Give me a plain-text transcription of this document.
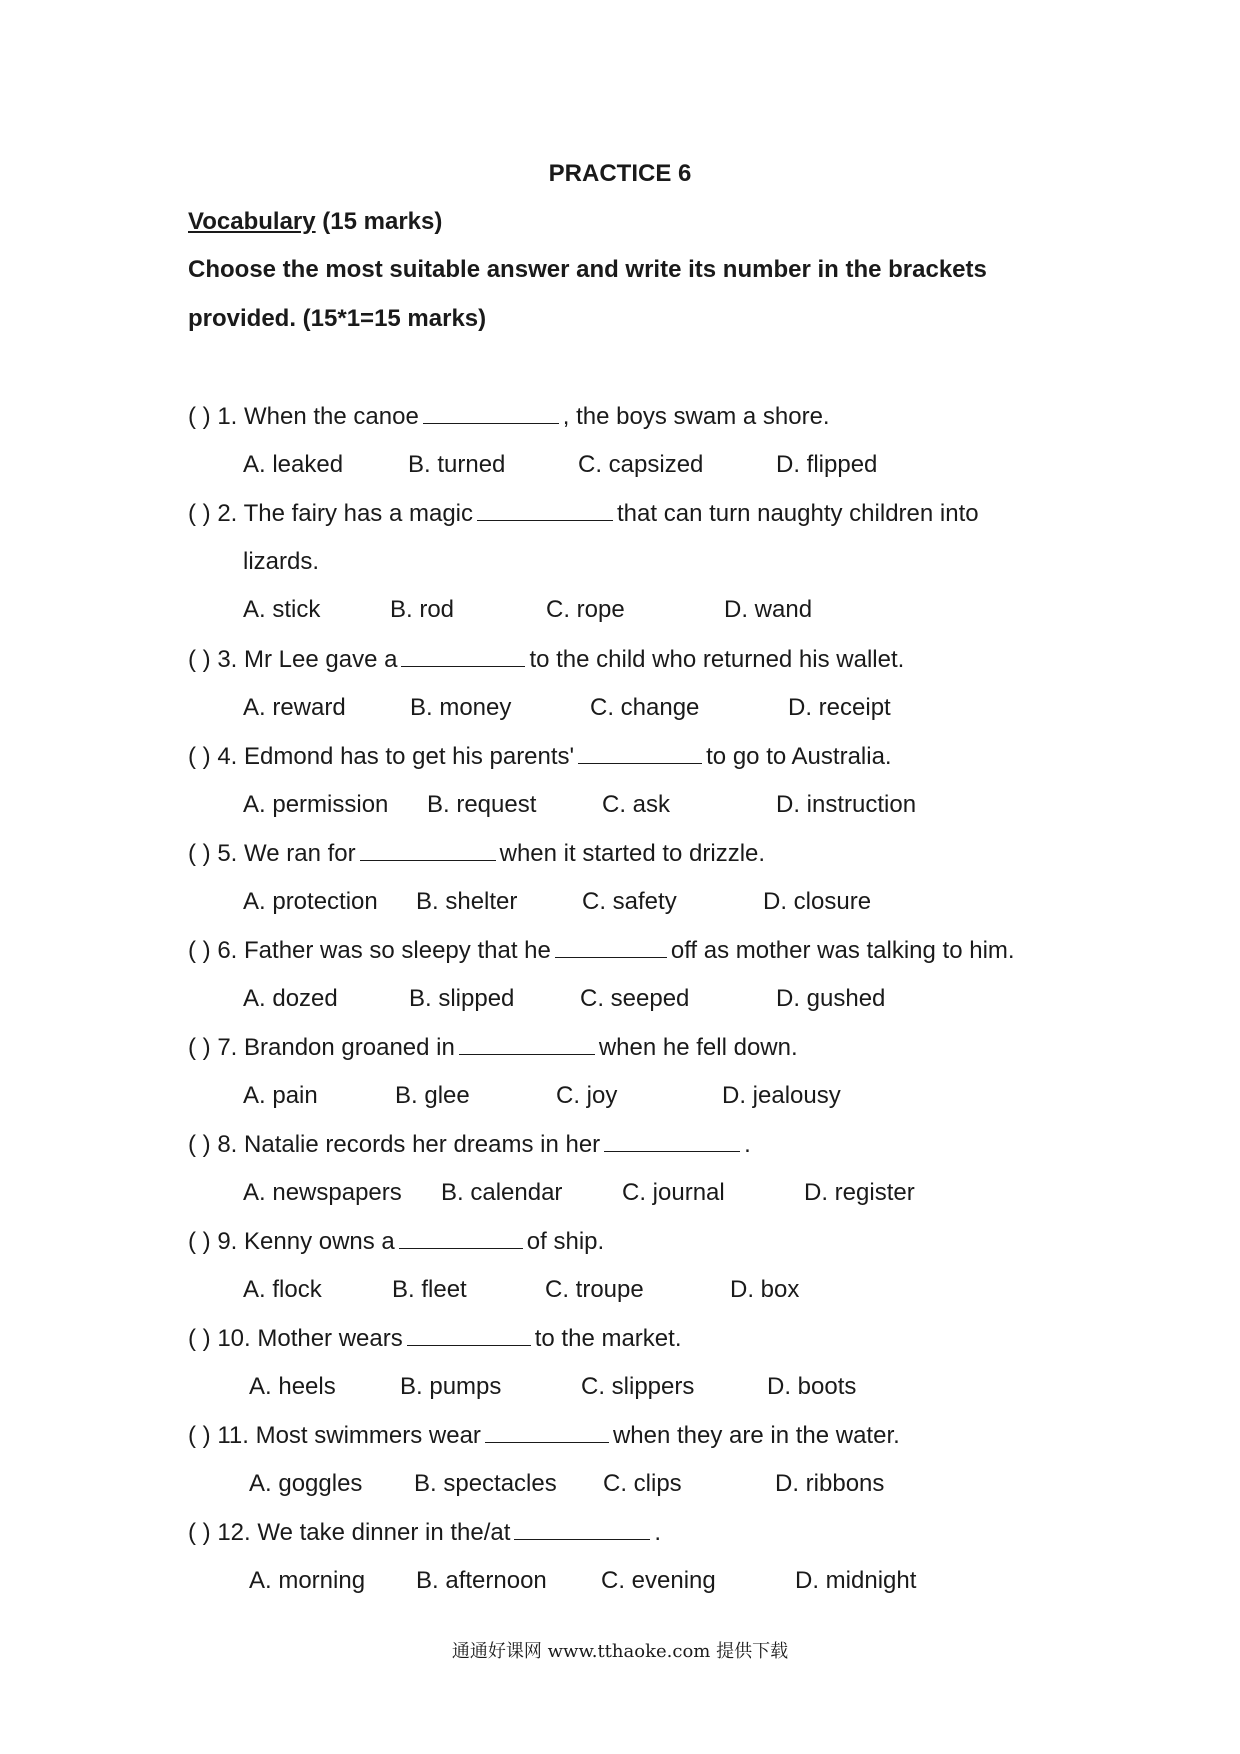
PRACTICE 6
Vocabulary (15 marks)
Choose the most suitable answer and write its number in the brackets
provided. (15*1=15 marks)
( ) 1. When the canoe	, the boys swam a shore.
A. leaked	B. turned	C. capsized	D. flipped
( ) 2. The fairy has a magic	that can turn naughty children into
lizards.
A. stick	B. rod	C. rope	D. wand
( ) 3. Mr Lee gave a	to the child who returned his wallet.
A. reward	B. money	C. change	D. receipt
( ) 4. Edmond has to get his parents'	to go to Australia.
A. permission B. request	C. ask	D. instruction
( ) 5. We ran for	when it started to drizzle.
A. protection B. shelter	C. safety	D. closure
( ) 6. Father was so sleepy that he	off as mother was talking to him.
A. dozed	B. slipped	C. seeped	D. gushed
( ) 7. Brandon groaned in	when he fell down.
A. pain	B. glee	C. joy	D. jealousy
( ) 8. Natalie records her dreams in her	.
A. newspapers B. calendar C. journal	D. register
( ) 9. Kenny owns a	of ship.
A. flock	B. fleet	C. troupe	D. box
( ) 10. Mother wears	to the market.
A. heels	B. pumps	C. slippers	D. boots
( ) 11. Most swimmers wear	when they are in the water.
A. goggles B. spectacles C. clips	D. ribbons
( ) 12. We take dinner in the/at	.
A. morning B. afternoon C. evening	D. midnight
通通好课网 www.tthaoke.com 提供下载
